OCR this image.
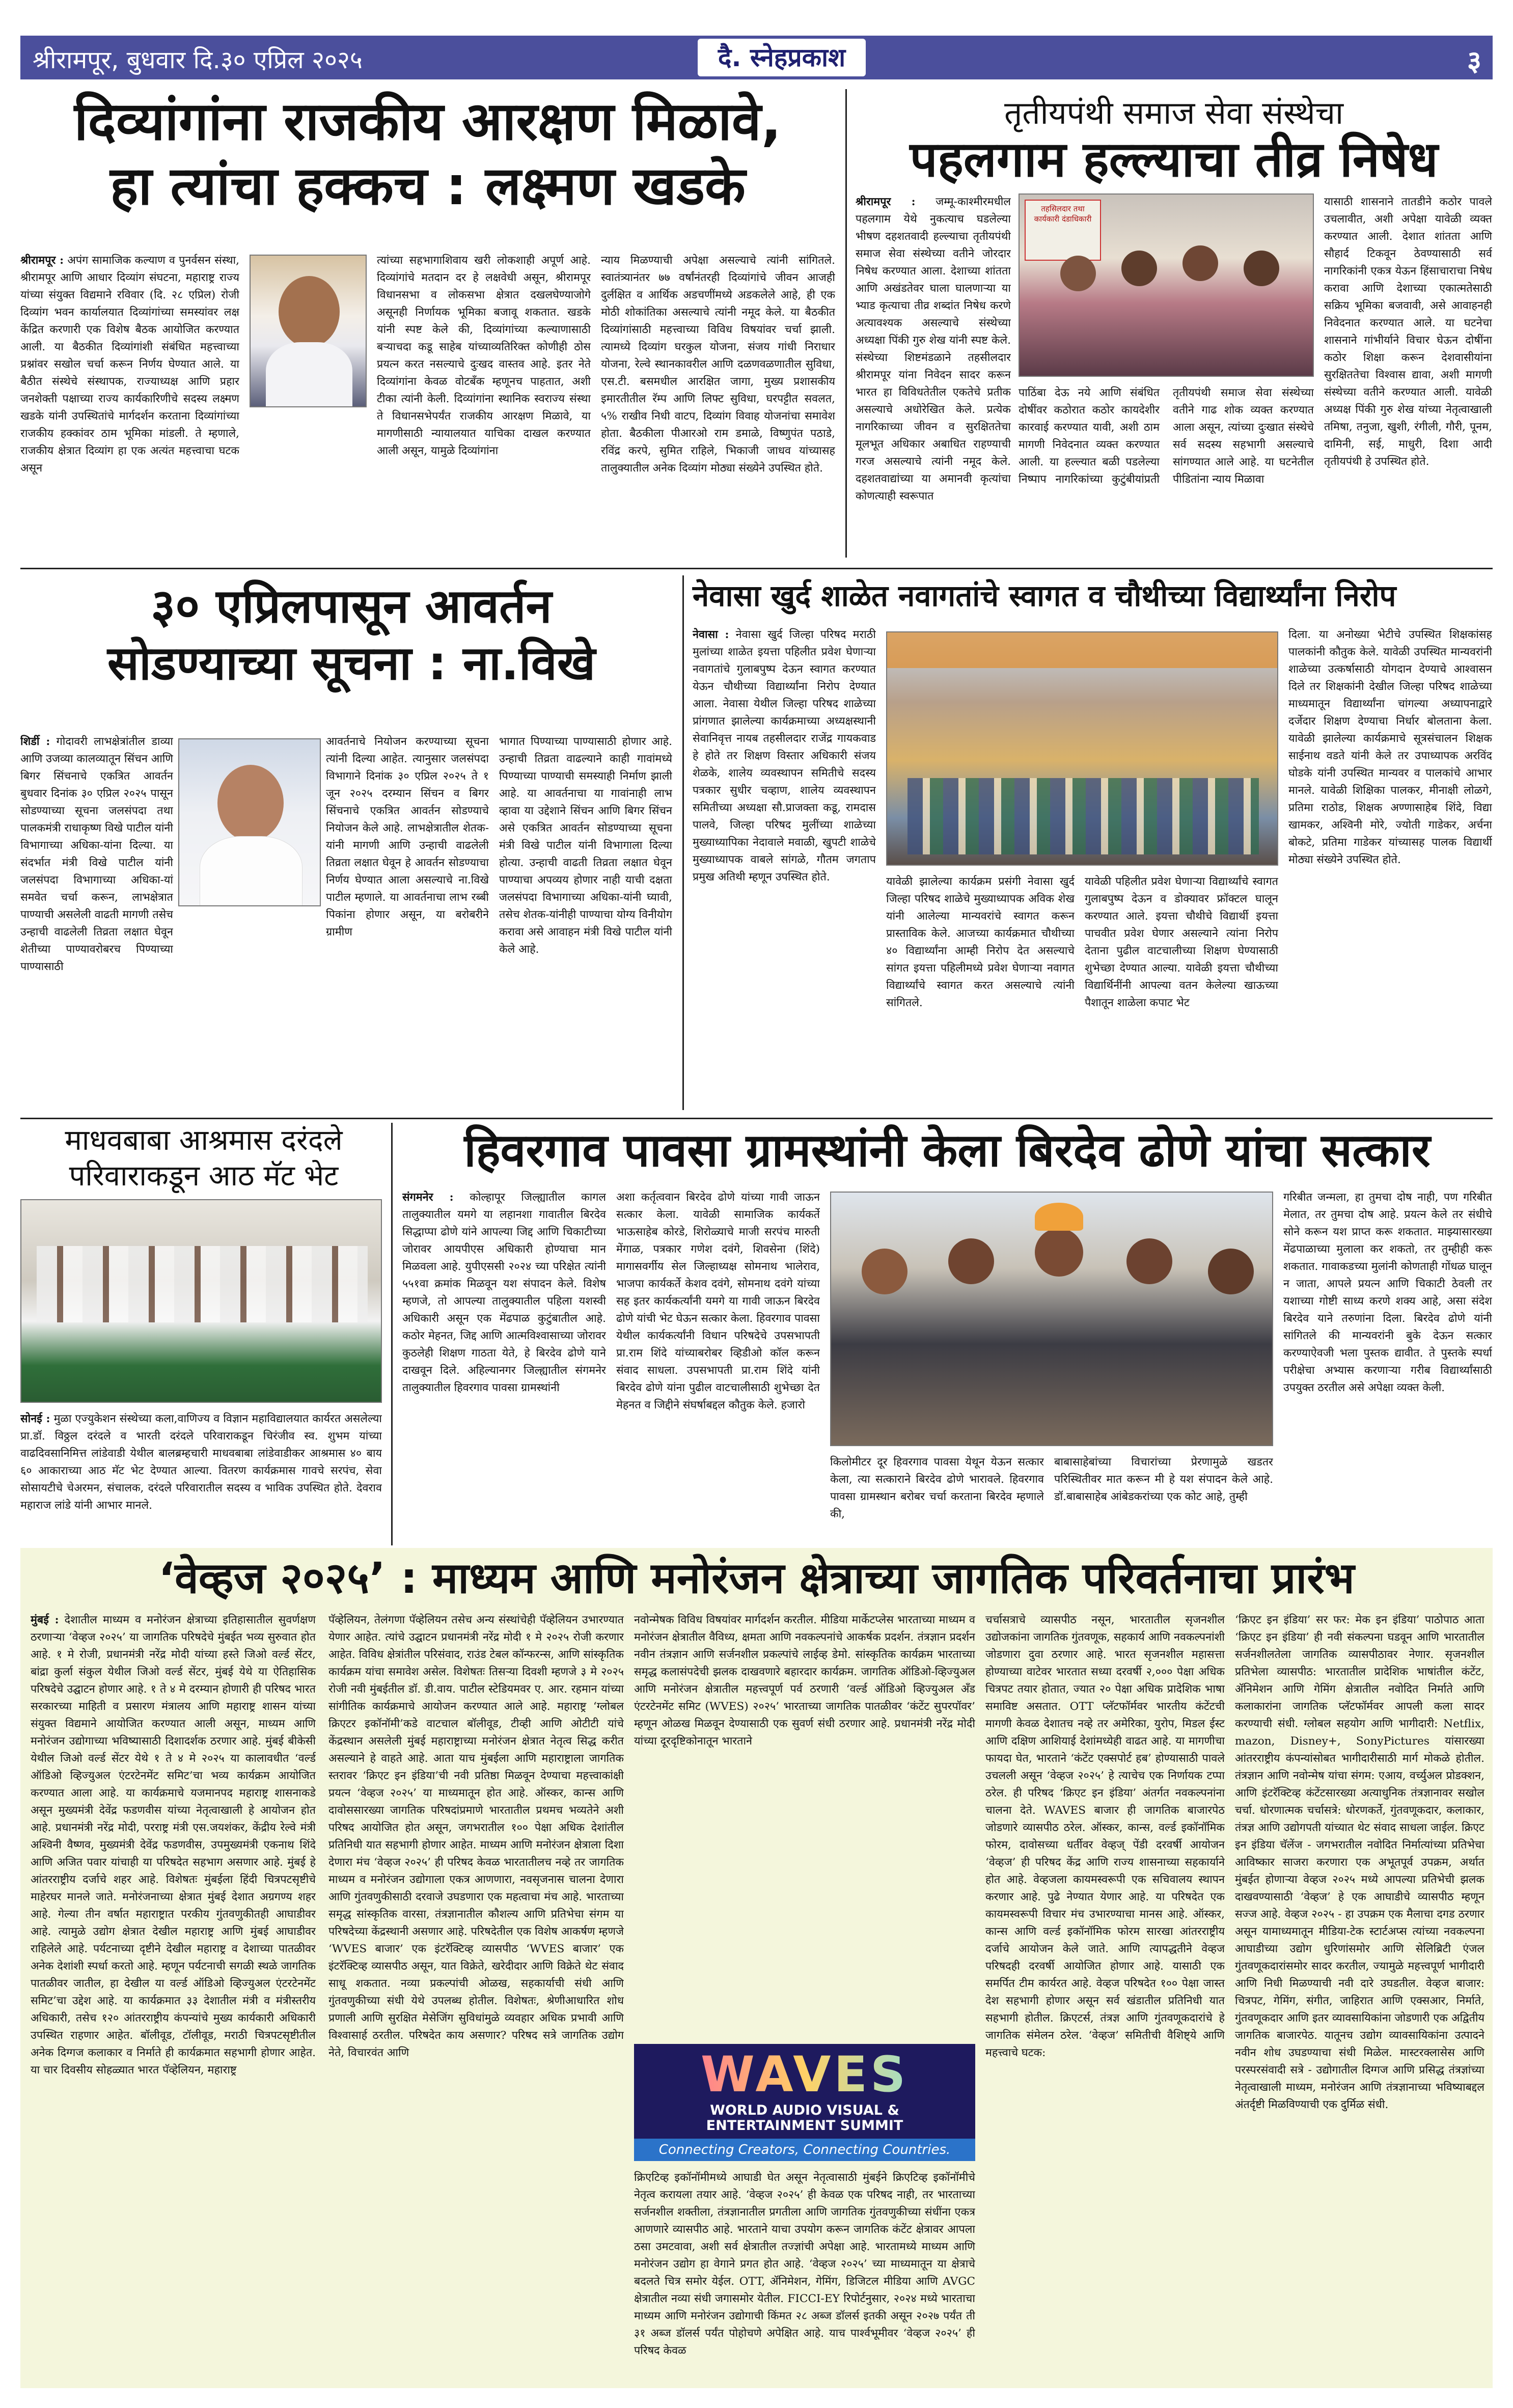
श्रीरामपूर, बुधवार दि.३० एप्रिल २०२५	दै. स्नेहप्रकाश	३
दिव्यांगांना राजकीय आरक्षण मिळावे,
हा त्यांचा हक्कच : लक्ष्मण खडके
श्रीरामपूर : अपंग सामाजिक कल्याण व पुनर्वसन संस्था, श्रीरामपूर आणि आधार दिव्यांग संघटना, महाराष्ट्र राज्य यांच्या संयुक्त विद्यमाने रविवार (दि. २८ एप्रिल) रोजी दिव्यांग भवन कार्यालयात दिव्यांगांच्या समस्यांवर लक्ष केंद्रित करणारी एक विशेष बैठक आयोजित करण्यात आली. या बैठकीत दिव्यांगांशी संबंधित महत्त्वाच्या प्रश्नांवर सखोल चर्चा करून निर्णय घेण्यात आले. या बैठीत संस्थेचे संस्थापक, राज्याध्यक्ष आणि प्रहार जनशेक्ती पक्षाच्या राज्य कार्यकारिणीचे सदस्य लक्ष्मण खडके यांनी उपस्थितांचे मार्गदर्शन करताना दिव्यांगांच्या राजकीय हक्कांवर ठाम भूमिका मांडली. ते म्हणाले, राजकीय क्षेत्रात दिव्यांग हा एक अत्यंत महत्त्वाचा घटक असून
त्यांच्या सहभागाशिवाय खरी लोकशाही अपूर्ण आहे. दिव्यांगांचे मतदान दर हे लक्षवेधी असून, श्रीरामपूर विधानसभा व लोकसभा क्षेत्रात दखलघेण्याजोगे असूनही निर्णायक भूमिका बजावू शकतात. खडके यांनी स्पष्ट केले की, दिव्यांगांच्या कल्याणासाठी बऱ्याचदा कडू साहेब यांच्याव्यतिरिक्त कोणीही ठोस प्रयत्न करत नसल्याचे दुःखद वास्तव आहे. इतर नेते दिव्यांगांना केवळ वोटबँक म्हणूनच पाहतात, अशी टीका त्यांनी केली. दिव्यांगांना स्थानिक स्वराज्य संस्था ते विधानसभेपर्यंत राजकीय आरक्षण मिळावे, या मागणीसाठी न्यायालयात याचिका दाखल करण्यात आली असून, यामुळे दिव्यांगांना
न्याय मिळण्याची अपेक्षा असल्याचे त्यांनी सांगितले. स्वातंत्र्यानंतर ७७ वर्षांनंतरही दिव्यांगांचे जीवन आजही दुर्लक्षित व आर्थिक अडचणींमध्ये अडकलेले आहे, ही एक मोठी शोकांतिका असल्याचे त्यांनी नमूद केले. या बैठकीत दिव्यांगांसाठी महत्त्वाच्या विविध विषयांवर चर्चा झाली. त्यामध्ये दिव्यांग घरकुल योजना, संजय गांधी निराधार योजना, रेल्वे स्थानकावरील आणि दळणवळणातील सुविधा, एस.टी. बसमधील आरक्षित जागा, मुख्य प्रशासकीय इमारतीतील रॅम्प आणि लिफ्ट सुविधा, घरपट्टीत सवलत, ५% राखीव निधी वाटप, दिव्यांग विवाह योजनांचा समावेश होता. बैठकीला पीआरओ राम डमाळे, विष्णुपंत पठाडे, रविंद्र करपे, सुमित राहिले, भिकाजी जाधव यांच्यासह तालुक्यातील अनेक दिव्यांग मोठ्या संख्येने उपस्थित होते.
तृतीयपंथी समाज सेवा संस्थेचा
पहलगाम हल्ल्याचा तीव्र निषेध
श्रीरामपूर : जम्मू-काश्मीरमधील पहलगाम येथे नुकत्याच घडलेल्या भीषण दहशतवादी हल्ल्याचा तृतीयपंथी समाज सेवा संस्थेच्या वतीने जोरदार निषेध करण्यात आला. देशाच्या शांतता आणि अखंडतेवर घाला घालणाऱ्या या भ्याड कृत्याचा तीव्र शब्दांत निषेध करणे अत्यावश्यक असल्याचे संस्थेच्या अध्यक्षा पिंकी गुरु शेख यांनी स्पष्ट केले. संस्थेच्या शिष्टमंडळाने तहसीलदार श्रीरामपूर यांना निवेदन सादर करून भारत हा विविधतेतील एकतेचे प्रतीक असल्याचे अधोरेखित केले. प्रत्येक नागरिकाच्या जीवन व सुरक्षिततेचा मूलभूत अधिकार अबाधित राहण्याची गरज असल्याचे त्यांनी नमूद केले. दहशतवाद्यांच्या या अमानवी कृत्यांचा कोणत्याही स्वरूपात
तहसिलदार तथा कार्यकारी दंडाधिकारी
पाठिंबा देऊ नये आणि संबंधित दोषींवर कठोरात कठोर कायदेशीर कारवाई करण्यात यावी, अशी ठाम मागणी निवेदनात व्यक्त करण्यात आली. या हल्ल्यात बळी पडलेल्या निष्पाप नागरिकांच्या कुटुंबीयांप्रती तृतीयपंथी समाज सेवा संस्थेच्या वतीने गाढ शोक व्यक्त करण्यात आला असून, त्यांच्या दुःखात संस्थेचे सर्व सदस्य सहभागी असल्याचे सांगण्यात आले आहे. या घटनेतील पीडितांना न्याय मिळावा
यासाठी शासनाने तातडीने कठोर पावले उचलावीत, अशी अपेक्षा यावेळी व्यक्त करण्यात आली. देशात शांतता आणि सौहार्द टिकवून ठेवण्यासाठी सर्व नागरिकांनी एकत्र येऊन हिंसाचाराचा निषेध करावा आणि देशाच्या एकात्मतेसाठी सक्रिय भूमिका बजवावी, असे आवाहनही निवेदनात करण्यात आले. या घटनेचा शासनाने गांभीर्याने विचार घेऊन दोषींना कठोर शिक्षा करून देशवासीयांना सुरक्षिततेचा विश्वास द्यावा, अशी मागणी संस्थेच्या वतीने करण्यात आली. यावेळी अध्यक्ष पिंकी गुरु शेख यांच्या नेतृत्वाखाली तमिषा, तनुजा, खुशी, रंगीली, गौरी, पूनम, दामिनी, सई, माधुरी, दिशा आदी तृतीयपंथी हे उपस्थित होते.
३० एप्रिलपासून आवर्तन
सोडण्याच्या सूचना : ना.विखे
शिर्डी : गोदावरी लाभक्षेत्रांतील डाव्या आणि उजव्या कालव्यातून सिंचन आणि बिगर सिंचनाचे एकत्रित आवर्तन बुधवार दिनांक ३० एप्रिल २०२५ पासून सोडण्याच्या सूचना जलसंपदा तथा पालकमंत्री राधाकृष्ण विखे पाटील यांनी विभागाच्या अधिका-यांना दिल्या. या संदर्भात मंत्री विखे पाटील यांनी जलसंपदा विभागाच्या अधिका-यां समवेत चर्चा करून, लाभक्षेत्रात पाण्याची असलेली वाढती मागणी तसेच उन्हाची वाढलेली तिव्रता लक्षात घेवून शेतीच्या पाण्यावरोबरच पिण्याच्या पाण्यासाठी
आवर्तनाचे नियोजन करण्याच्या सूचना त्यांनी दिल्या आहेत. त्यानुसार जलसंपदा विभागाने दिनांक ३० एप्रिल २०२५ ते १ जून २०२५ दरम्यान सिंचन व बिगर सिंचनाचे एकत्रित आवर्तन सोडण्याचे नियोजन केले आहे. लाभक्षेत्रातील शेतक-यांनी मागणी आणि उन्हाची वाढलेली तिव्रता लक्षात घेवून हे आवर्तन सोडण्याचा निर्णय घेण्यात आला असल्याचे ना.विखे पाटील म्हणाले. या आवर्तनाचा लाभ रब्बी पिकांना होणार असून, या बरोबरीने ग्रामीण
भागात पिण्याच्या पाण्यासाठी होणार आहे. उन्हाची तिव्रता वाढल्याने काही गावांमध्ये पिण्याच्या पाण्याची समस्याही निर्माण झाली आहे. या आवर्तनाचा या गावांनाही लाभ व्हावा या उद्देशाने सिंचन आणि बिगर सिंचन असे एकत्रित आवर्तन सोडण्याच्या सूचना मंत्री विखे पाटील यांनी विभागाला दिल्या होत्या. उन्हाची वाढती तिव्रता लक्षात घेवून पाण्याचा अपव्यय होणार नाही याची दक्षता जलसंपदा विभागाच्या अधिका-यांनी घ्यावी, तसेच शेतक-यांनीही पाण्याचा योग्य विनीयोग करावा असे आवाहन मंत्री विखे पाटील यांनी केले आहे.
नेवासा खुर्द शाळेत नवागतांचे स्वागत व चौथीच्या विद्यार्थ्यांना निरोप
नेवासा : नेवासा खुर्द जिल्हा परिषद मराठी मुलांच्या शाळेत इयत्ता पहिलीत प्रवेश घेणाऱ्या नवागतांचे गुलाबपुष्प देऊन स्वागत करण्यात येऊन चौथीच्या विद्यार्थ्यांना निरोप देण्यात आला. नेवासा येथील जिल्हा परिषद शाळेच्या प्रांगणात झालेल्या कार्यक्रमाच्या अध्यक्षस्थानी सेवानिवृत्त नायब तहसीलदार राजेंद्र गायकवाड हे होते तर शिक्षण विस्तार अधिकारी संजय शेळके, शालेय व्यवस्थापन समितीचे सदस्य पत्रकार सुधीर चव्हाण, शालेय व्यवस्थापन समितीच्या अध्यक्षा सौ.प्राजक्ता कडू, रामदास पालवे, जिल्हा परिषद मुलींच्या शाळेच्या मुख्याध्यापिका नेदावाले मवाळी, खुपटी शाळेचे मुख्याध्यापक वाबले सांगळे, गौतम जगताप प्रमुख अतिथी म्हणून उपस्थित होते.	यावेळी झालेल्या कार्यक्रम प्रसंगी नेवासा खुर्द जिल्हा परिषद शाळेचे मुख्याध्यापक अविक शेख यांनी आलेल्या मान्यवरांचे स्वागत करून प्रास्ताविक केले. आजच्या कार्यक्रमात चौथीच्या ४० विद्यार्थ्यांना आम्ही निरोप देत असल्याचे सांगत इयत्ता पहिलीमध्ये प्रवेश घेणाऱ्या नवागत विद्यार्थ्यांचे स्वागत करत असल्याचे त्यांनी सांगितले.
यावेळी पहिलीत प्रवेश घेणाऱ्या विद्यार्थ्यांचे स्वागत गुलाबपुष्प देऊन व डोक्यावर फ्रॉक्टल घालून करण्यात आले. इयत्ता चौथीचे विद्यार्थी इयत्ता पाचवीत प्रवेश घेणार असल्याने त्यांना निरोप देताना पुढील वाटचालीच्या शिक्षण घेण्यासाठी शुभेच्छा देण्यात आल्या. यावेळी इयत्ता चौथीच्या विद्यार्थिनींनी आपल्या वतन केलेल्या खाऊच्या पैशातून शाळेला कपाट भेट
दिला. या अनोख्या भेटीचे उपस्थित शिक्षकांसह पालकांनी कौतुक केले. यावेळी उपस्थित मान्यवरांनी शाळेच्या उत्कर्षासाठी योगदान देण्याचे आश्वासन दिले तर शिक्षकांनी देखील जिल्हा परिषद शाळेच्या माध्यमातून विद्यार्थ्यांना चांगल्या अध्यापनाद्वारे दर्जेदार शिक्षण देण्याचा निर्धार बोलताना केला. यावेळी झालेल्या कार्यक्रमाचे सूत्रसंचालन शिक्षक साईनाथ वडते यांनी केले तर उपाध्यापक अरविंद घोडके यांनी उपस्थित मान्यवर व पालकांचे आभार मानले. यावेळी शिक्षिका पालकर, मीनाक्षी लोळगे, प्रतिमा राठोड, शिक्षक अण्णासाहेब शिंदे, विद्या खामकर, अश्विनी मोरे, ज्योती गाडेकर, अर्चना बोकटे, प्रतिमा गाडेकर यांच्यासह पालक विद्यार्थी मोठ्या संख्येने उपस्थित होते.
माधवबाबा आश्रमास दरंदले
परिवाराकडून आठ मॅट भेट
सोनई : मुळा एज्युकेशन संस्थेच्या कला,वाणिज्य व विज्ञान महाविद्यालयात कार्यरत असलेल्या प्रा.डॉ. विठ्ठल दरंदले व भारती दरंदले परिवाराकडून चिरंजीव स्व. शुभम यांच्या वाढदिवसानिमित्त लांडेवाडी येथील बालब्रम्हचारी माधवबाबा लांडेवाडीकर आश्रमास ४० बाय ६० आकाराच्या आठ मॅट भेट देण्यात आल्या. वितरण कार्यक्रमास गावचे सरपंच, सेवा सोसायटीचे चेअरमन, संचालक, दरंदले परिवारातील सदस्य व भाविक उपस्थित होते. देवराव महाराज लांडे यांनी आभार मानले.
हिवरगाव पावसा ग्रामस्थांनी केला बिरदेव ढोणे यांचा सत्कार
संगमनेर : कोल्हापूर जिल्ह्यातील कागल तालुक्यातील यमगे या लहानशा गावातील बिरदेव सिद्धाप्पा ढोणे यांने आपल्या जिद्द आणि चिकाटीच्या जोरावर आयपीएस अधिकारी होण्याचा मान मिळवला आहे. युपीएससी २०२४ च्या परिक्षेत त्यांनी ५५१वा क्रमांक मिळवून यश संपादन केले. विशेष म्हणजे, तो आपल्या तालुक्यातील पहिला यशस्वी अधिकारी असून एक मेंढपाळ कुटुंबातील आहे. कठोर मेहनत, जिद्द आणि आत्मविश्वासाच्या जोरावर कुठलेही शिक्षण गाठता येते, हे बिरदेव ढोणे याने दाखवून दिले. अहिल्यानगर जिल्ह्यातील संगमनेर तालुक्यातील हिवरगाव पावसा ग्रामस्थांनी
अशा कर्तृत्ववान बिरदेव ढोणे यांच्या गावी जाऊन सत्कार केला. यावेळी सामाजिक कार्यकर्ते भाऊसाहेब कोरडे, शिरोळ्याचे माजी सरपंच मारुती मेंगाळ, पत्रकार गणेश दवंगे, शिवसेना (शिंदे) मागासवर्गीय सेल जिल्हाध्यक्ष सोमनाथ भालेराव, भाजपा कार्यकर्ते केशव दवंगे, सोमनाथ दवंगे यांच्या सह इतर कार्यकर्त्यांनी यमगे या गावी जाऊन बिरदेव ढोणे यांची भेट घेऊन सत्कार केला. हिवरगाव पावसा येथील कार्यकर्त्यांनी विधान परिषदेचे उपसभापती प्रा.राम शिंदे यांच्याबरोबर व्हिडीओ कॉल करून संवाद साधला. उपसभापती प्रा.राम शिंदे यांनी बिरदेव ढोणे यांना पुढील वाटचालीसाठी शुभेच्छा देत मेहनत व जिद्दीने संघर्षाबद्दल कौतुक केले. हजारो
किलोमीटर दूर हिवरगाव पावसा येथून येऊन सत्कार केला, त्या सत्काराने बिरदेव ढोणे भारावले. हिवरगाव पावसा ग्रामस्थान बरोबर चर्चा करताना बिरदेव म्हणाले की,
बाबासाहेबांच्या विचारांच्या प्रेरणामुळे खडतर परिस्थितीवर मात करून मी हे यश संपादन केले आहे. डॉ.बाबासाहेब आंबेडकरांच्या एक कोट आहे, तुम्ही
गरिबीत जन्मला, हा तुमचा दोष नाही, पण गरिबीत मेलात, तर तुमचा दोष आहे. प्रयत्न केले तर संधीचे सोने करून यश प्राप्त करू शकतात. माझ्यासारख्या मेंढपाळाच्या मुलाला कर शकतो, तर तुम्हीही करू शकतात. गावाकडच्या मुलांनी कोणताही गोंधळ घालून न जाता, आपले प्रयत्न आणि चिकाटी ठेवली तर यशाच्या गोष्टी साध्य करणे शक्य आहे, असा संदेश बिरदेव याने तरुणांना दिला. बिरदेव ढोणे यांनी सांगितले की मान्यवरांनी बुके देऊन सत्कार करण्याऐवजी भला पुस्तक द्यावीत. ते पुस्तके स्पर्धा परीक्षेचा अभ्यास करणाऱ्या गरीब विद्यार्थ्यांसाठी उपयुक्त ठरतील असे अपेक्षा व्यक्त केली.
‘वेव्हज २०२५’ : माध्यम आणि मनोरंजन क्षेत्राच्या जागतिक परिवर्तनाचा प्रारंभ
मुंबई : देशातील माध्यम व मनोरंजन क्षेत्राच्या इतिहासातील सुवर्णक्षण ठरणाऱ्या ‘वेव्हज २०२५’ या जागतिक परिषदेचे मुंबईत भव्य सुरुवात होत आहे. १ मे रोजी, प्रधानमंत्री नरेंद्र मोदी यांच्या हस्ते जिओ वर्ल्ड सेंटर, बांद्रा कुर्ला संकुल येथील जिओ वर्ल्ड सेंटर, मुंबई येथे या ऐतिहासिक परिषदेचे उद्घाटन होणार आहे. १ ते ४ मे दरम्यान होणारी ही परिषद भारत सरकारच्या माहिती व प्रसारण मंत्रालय आणि महाराष्ट्र शासन यांच्या संयुक्त विद्यमाने आयोजित करण्यात आली असून, माध्यम आणि मनोरंजन उद्योगाच्या भविष्यासाठी दिशादर्शक ठरणार आहे. मुंबई बीकेसी येथील जिओ वर्ल्ड सेंटर येथे १ ते ४ मे २०२५ या कालावधीत ‘वर्ल्ड ऑडिओ व्हिज्युअल एंटरटेनमेंट समिट’चा भव्य कार्यक्रम आयोजित करण्यात आला आहे. या कार्यक्रमाचे यजमानपद महाराष्ट्र शासनाकडे असून मुख्यमंत्री देवेंद्र फडणवीस यांच्या नेतृत्वाखाली हे आयोजन होत आहे. प्रधानमंत्री नरेंद्र मोदी, परराष्ट्र मंत्री एस.जयशंकर, केंद्रीय रेल्वे मंत्री अश्विनी वैष्णव, मुख्यमंत्री देवेंद्र फडणवीस, उपमुख्यमंत्री एकनाथ शिंदे आणि अजित पवार यांचाही या परिषदेत सहभाग असणार आहे. मुंबई हे आंतरराष्ट्रीय दर्जाचे शहर आहे. विशेषतः मुंबईला हिंदी चित्रपटसृष्टीचे माहेरघर मानले जाते. मनोरंजनाच्या क्षेत्रात मुंबई देशात अग्रगण्य शहर आहे. गेल्या तीन वर्षात महाराष्ट्रात परकीय गुंतवणुकीतही आघाडीवर आहे. त्यामुळे उद्योग क्षेत्रात देखील महाराष्ट्र आणि मुंबई आघाडीवर राहिलेले आहे. पर्यटनाच्या दृष्टीने देखील महाराष्ट्र व देशाच्या पातळीवर अनेक देशांशी स्पर्धा करतो आहे. म्हणून पर्यटनाची सगळी स्थळे जागतिक पातळीवर जातील, हा देखील या वर्ल्ड ऑडिओ व्हिज्युअल एंटरटेनमेंट समिट’चा उद्देश आहे. या कार्यक्रमात ३३ देशातील मंत्री व मंत्रीस्तरीय अधिकारी, तसेच १२० आंतरराष्ट्रीय कंपन्यांचे मुख्य कार्यकारी अधिकारी उपस्थित राहणार आहेत. बॉलीवूड, टॉलीवूड, मराठी चित्रपटसृष्टीतील अनेक दिग्गज कलाकार व निर्माते ही कार्यक्रमात सहभागी होणार आहेत. या चार दिवसीय सोहळ्यात भारत पॅव्हेलियन, महाराष्ट्र
पॅव्हेलियन, तेलंगणा पॅव्हेलियन तसेच अन्य संस्थांचेही पॅव्हेलियन उभारण्यात येणार आहेत. त्यांचे उद्घाटन प्रधानमंत्री नरेंद्र मोदी १ मे २०२५ रोजी करणार आहेत. विविध क्षेत्रांतील परिसंवाद, राउंड टेबल कॉन्फरन्स, आणि सांस्कृतिक कार्यक्रम यांचा समावेश असेल. विशेषतः तिसऱ्या दिवशी म्हणजे ३ मे २०२५ रोजी नवी मुंबईतील डॉ. डी.वाय. पाटील स्टेडियमवर ए. आर. रहमान यांच्या सांगीतिक कार्यक्रमाचे आयोजन करण्यात आले आहे. महाराष्ट्र ‘ग्लोबल क्रिएटर इकॉनॉमी’कडे वाटचाल बॉलीवूड, टीव्ही आणि ओटीटी यांचे केंद्रस्थान असलेली मुंबई महाराष्ट्राच्या मनोरंजन क्षेत्रात नेतृत्व सिद्ध करीत असल्याने हे वाहते आहे. आता याच मुंबईला आणि महाराष्ट्राला जागतिक स्तरावर ‘क्रिएट इन इंडिया’ची नवी प्रतिष्ठा मिळवून देण्याचा महत्त्वाकांक्षी प्रयत्न ‘वेव्हज २०२५’ या माध्यमातून होत आहे. ऑस्कर, कान्स आणि दावोससारख्या जागतिक परिषदांप्रमाणे भारतातील प्रथमच भव्यतेने अशी परिषद आयोजित होत असून, जगभरातील १०० पेक्षा अधिक देशांतील प्रतिनिधी यात सहभागी होणार आहेत. माध्यम आणि मनोरंजन क्षेत्राला दिशा देणारा मंच ‘वेव्हज २०२५’ ही परिषद केवळ भारतातीलच नव्हे तर जागतिक माध्यम व मनोरंजन उद्योगाला एकत्र आणणारा, नवसृजनास चालना देणारा आणि गुंतवणुकीसाठी दरवाजे उघडणारा एक महत्वाचा मंच आहे. भारताच्या समृद्ध सांस्कृतिक वारसा, तंत्रज्ञानातील कौशल्य आणि प्रतिभेचा संगम या परिषदेच्या केंद्रस्थानी असणार आहे. परिषदेतील एक विशेष आकर्षण म्हणजे ‘WVES बाजार’ एक इंटरॅक्टिव्ह व्यासपीठ ‘WVES बाजार’ एक इंटरॅक्टिव्ह व्यासपीठ असून, यात विक्रेते, खरेदीदार आणि विक्रेते थेट संवाद साधू शकतात. नव्या प्रकल्पांची ओळख, सहकार्याची संधी आणि गुंतवणुकीच्या संधी येथे उपलब्ध होतील. विशेषतः, श्रेणीआधारित शोध प्रणाली आणि सुरक्षित मेसेजिंग सुविधांमुळे व्यवहार अधिक प्रभावी आणि विश्वासार्ह ठरतील. परिषदेत काय असणार? परिषद सत्रे जागतिक उद्योग नेते, विचारवंत आणि
नवोन्मेषक विविध विषयांवर मार्गदर्शन करतील. मीडिया मार्केटप्लेस भारताच्या माध्यम व मनोरंजन क्षेत्रातील वैविध्य, क्षमता आणि नवकल्पनांचे आकर्षक प्रदर्शन. तंत्रज्ञान प्रदर्शन नवीन तंत्रज्ञान आणि सर्जनशील प्रकल्पांचे लाईव्ह डेमो. सांस्कृतिक कार्यक्रम भारताच्या समृद्ध कलासंपदेची झलक दाखवणारे बहारदार कार्यक्रम. जागतिक ऑडिओ-व्हिज्युअल आणि मनोरंजन क्षेत्रातील महत्त्वपूर्ण पर्व ठरणारी ‘वर्ल्ड ऑडिओ व्हिज्युअल अँड एंटरटेनमेंट समिट (WVES) २०२५’ भारताच्या जागतिक पातळीवर ‘कंटेंट सुपरपॉवर’ म्हणून ओळख मिळवून देण्यासाठी एक सुवर्ण संधी ठरणार आहे. प्रधानमंत्री नरेंद्र मोदी यांच्या दूरदृष्टिकोनातून भारताने
WAVES
WORLD AUDIO VISUAL &
ENTERTAINMENT SUMMIT
Connecting Creators, Connecting Countries.
क्रिएटिव्ह इकॉनॉमीमध्ये आघाडी घेत असून नेतृत्वासाठी मुंबईने क्रिएटिव्ह इकॉनॉमीचे नेतृत्व करायला तयार आहे. ‘वेव्हज २०२५’ ही केवळ एक परिषद नाही, तर भारताच्या सर्जनशील शक्तीला, तंत्रज्ञानातील प्रगतीला आणि जागतिक गुंतवणुकीच्या संधींना एकत्र आणणारे व्यासपीठ आहे. भारताने याचा उपयोग करून जागतिक कंटेंट क्षेत्रावर आपला ठसा उमटवावा, अशी सर्व क्षेत्रातील तज्ज्ञांची अपेक्षा आहे. भारतामध्ये माध्यम आणि मनोरंजन उद्योग हा वेगाने प्रगत होत आहे. ‘वेव्हज २०२५’ च्या माध्यमातून या क्षेत्राचे बदलते चित्र समोर येईल. OTT, ॲनिमेशन, गेमिंग, डिजिटल मीडिया आणि AVGC क्षेत्रातील नव्या संधी जगासमोर येतील. FICCI-EY रिपोर्टनुसार, २०२४ मध्ये भारताचा माध्यम आणि मनोरंजन उद्योगाची किंमत २८ अब्ज डॉलर्स इतकी असून २०२७ पर्यंत ती ३१ अब्ज डॉलर्स पर्यंत पोहोचणे अपेक्षित आहे. याच पार्श्वभूमीवर ‘वेव्हज २०२५’ ही परिषद केवळ
चर्चासत्राचे व्यासपीठ नसून, भारतातील सृजनशील उद्योजकांना जागतिक गुंतवणूक, सहकार्य आणि नवकल्पनांशी जोडणारा दुवा ठरणार आहे. भारत सृजनशील महासत्ता होण्याच्या वाटेवर भारतात सध्या दरवर्षी २,००० पेक्षा अधिक चित्रपट तयार होतात, ज्यात २० पेक्षा अधिक प्रादेशिक भाषा समाविष्ट असतात. OTT प्लॅटफॉर्मवर भारतीय कंटेंटची मागणी केवळ देशातच नव्हे तर अमेरिका, युरोप, मिडल ईस्ट आणि दक्षिण आशियाई देशांमध्येही वाढत आहे. या मागणीचा फायदा घेत, भारताने ‘कंटेंट एक्सपोर्ट हब’ होण्यासाठी पावले उचलली असून ‘वेव्हज २०२५’ हे त्याचेच एक निर्णायक टप्पा ठरेल. ही परिषद ‘क्रिएट इन इंडिया’ अंतर्गत नवकल्पनांना चालना देते. WAVES बाजार ही जागतिक बाजारपेठ जोडणारे व्यासपीठ ठरेल. ऑस्कर, कान्स, वर्ल्ड इकॉनॉमिक फोरम, दावोसच्या धर्तीवर वेव्हज् पेंडी दरवर्षी आयोजन ‘वेव्हज’ ही परिषद केंद्र आणि राज्य शासनाच्या सहकार्याने होत आहे. वेव्हजला कायमस्वरूपी एक सचिवालय स्थापन करणार आहे. पुढे नेण्यात येणार आहे. या परिषदेत एक कायमस्वरूपी विचार मंच उभारण्याचा मानस आहे. ऑस्कर, कान्स आणि वर्ल्ड इकॉनॉमिक फोरम सारखा आंतरराष्ट्रीय दर्जाचे आयोजन केले जाते. आणि त्यापद्धतीने वेव्हज परिषदही दरवर्षी आयोजित होणार आहे. यासाठी एक समर्पित टीम कार्यरत आहे. वेव्हज परिषदेत १०० पेक्षा जास्त देश सहभागी होणार असून सर्व खंडातील प्रतिनिधी यात सहभागी होतील. क्रिएटर्स, तंत्रज्ञ आणि गुंतवणूकदारांचे हे जागतिक संमेलन ठरेल. ‘वेव्हज’ समितीची वैशिष्ट्ये आणि महत्त्वाचे घटक:
‘क्रिएट इन इंडिया’ सर फर: मेक इन इंडिया’ पाठोपाठ आता ‘क्रिएट इन इंडिया’ ही नवी संकल्पना घडवून आणि भारतातील सर्जनशीलतेला जागतिक व्यासपीठावर नेणार. सृजनशील प्रतिभेला व्यासपीठ: भारतातील प्रादेशिक भाषांतील कंटेंट, ॲनिमेशन आणि गेमिंग क्षेत्रातील नवोदित निर्माते आणि कलाकारांना जागतिक प्लॅटफॉर्मवर आपली कला सादर करण्याची संधी. ग्लोबल सहयोग आणि भागीदारी: Netflix, mazon, Disney+, SonyPictures यांसारख्या आंतरराष्ट्रीय कंपन्यांसोबत भागीदारीसाठी मार्ग मोकळे होतील. तंत्रज्ञान आणि नवोन्मेष यांचा संगम: एआय, वर्च्युअल प्रोडक्शन, आणि इंटरॅक्टिव्ह कंटेंटसारख्या अत्याधुनिक तंत्रज्ञानावर सखोल चर्चा. धोरणात्मक चर्चासत्रे: धोरणकर्ते, गुंतवणूकदार, कलाकार, तंत्रज्ञ आणि उद्योगपती यांच्यात थेट संवाद साधला जाईल. क्रिएट इन इंडिया चॅलेंज - जगभरातील नवोदित निर्मात्यांच्या प्रतिभेचा आविष्कार साजरा करणारा एक अभूतपूर्व उपक्रम, अर्थात मुंबईत होणाऱ्या वेव्हज २०२५ मध्ये आपल्या प्रतिभेची झलक दाखवण्यासाठी ‘वेव्हज’ हे एक आघाडीचे व्यासपीठ म्हणून सज्ज आहे. वेव्हज २०२५ - हा उपक्रम एक मैलाचा दगड ठरणार असून यामाध्यमातून मीडिया-टेक स्टार्टअप्स त्यांच्या नवकल्पना आघाडीच्या उद्योग धुरिणांसमोर आणि सेलिब्रिटी एंजल गुंतवणूकदारांसमोर सादर करतील, ज्यामुळे महत्त्वपूर्ण भागीदारी आणि निधी मिळण्याची नवी दारे उघडतील. वेव्हज बाजार: चित्रपट, गेमिंग, संगीत, जाहिरात आणि एक्सआर, निर्माते, गुंतवणूकदार आणि इतर व्यावसायिकांना जोडणारी एक अद्वितीय जागतिक बाजारपेठ. यातूनच उद्योग व्यावसायिकांना उत्पादने नवीन शोध उघडण्याचा संधी मिळेल. मास्टरक्लासेस आणि परस्परसंवादी सत्रे - उद्योगातील दिग्गज आणि प्रसिद्ध तंत्रज्ञांच्या नेतृत्वाखाली माध्यम, मनोरंजन आणि तंत्रज्ञानाच्या भविष्याबद्दल अंतर्दृष्टी मिळविण्याची एक दुर्मिळ संधी.
